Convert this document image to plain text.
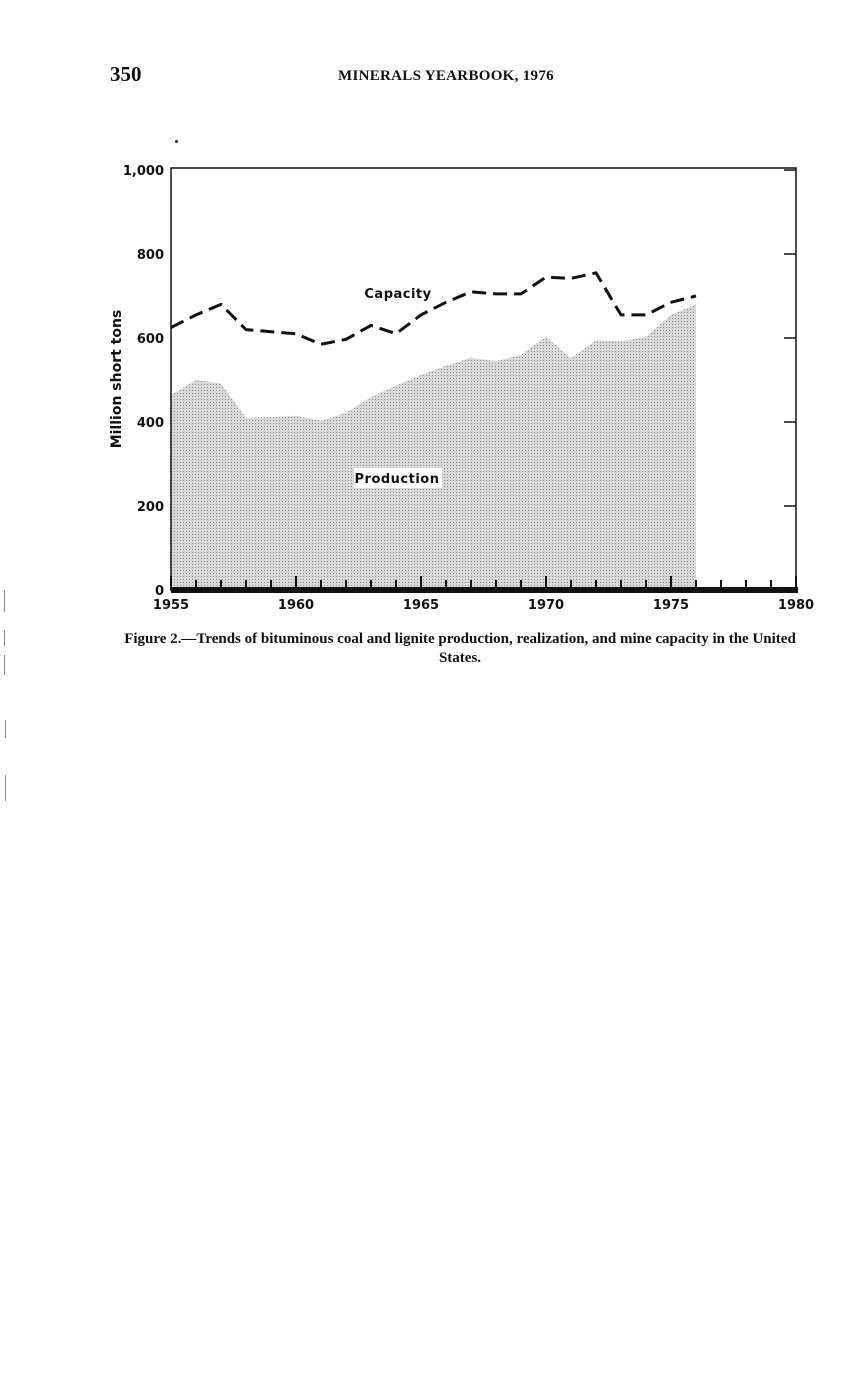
350	MINERALS YEARBOOK, 1976
0
200
400
600
800
1,000
1955	1960	1965	1970	1975	1980
Million short tons
Capacity
Production
Figure 2.—Trends of bituminous coal and lignite production, realization, and mine capacity in the United States.
